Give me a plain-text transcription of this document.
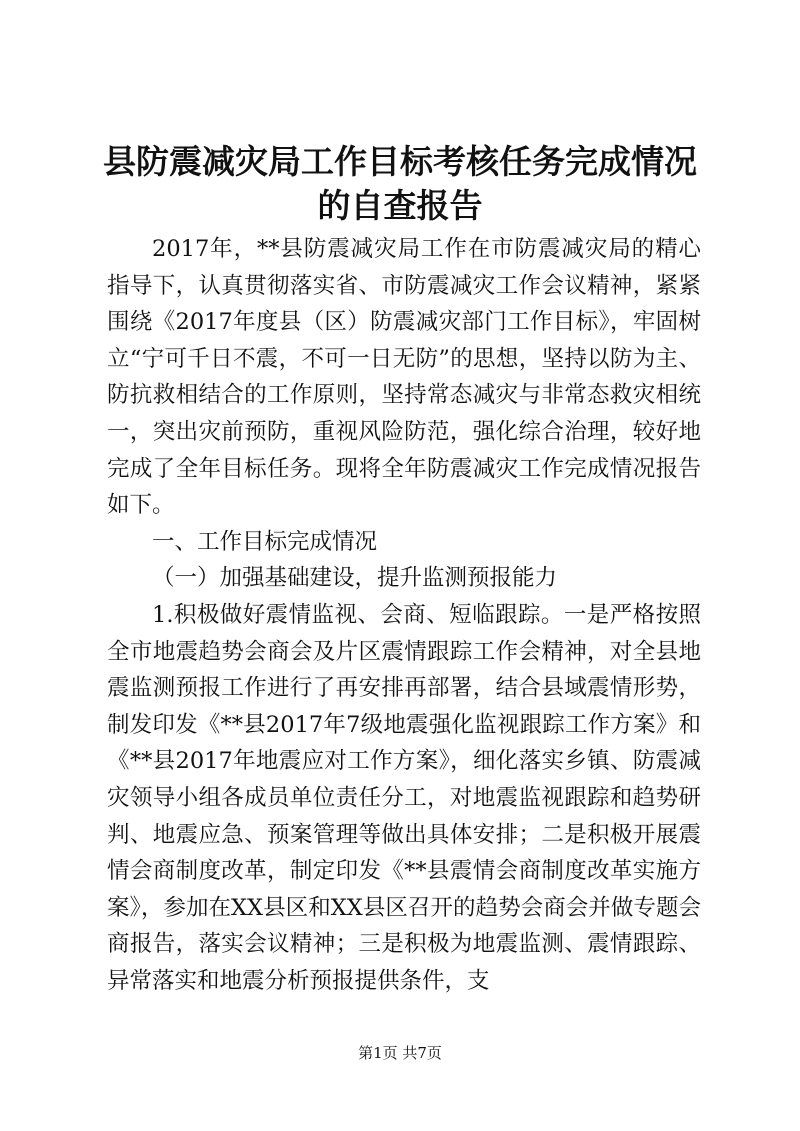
县防震减灾局工作目标考核任务完成情况的自查报告
2017年，**县防震减灾局工作在市防震减灾局的精心指导下，认真贯彻落实省、市防震减灾工作会议精神，紧紧围绕《2017年度县（区）防震减灾部门工作目标》，牢固树立“宁可千日不震，不可一日无防”的思想，坚持以防为主、防抗救相结合的工作原则，坚持常态减灾与非常态救灾相统一，突出灾前预防，重视风险防范，强化综合治理，较好地完成了全年目标任务。现将全年防震减灾工作完成情况报告如下。
一、工作目标完成情况
（一）加强基础建设，提升监测预报能力
1.积极做好震情监视、会商、短临跟踪。一是严格按照全市地震趋势会商会及片区震情跟踪工作会精神，对全县地震监测预报工作进行了再安排再部署，结合县域震情形势，制发印发《**县2017年7级地震强化监视跟踪工作方案》和《**县2017年地震应对工作方案》，细化落实乡镇、防震减灾领导小组各成员单位责任分工，对地震监视跟踪和趋势研判、地震应急、预案管理等做出具体安排；二是积极开展震情会商制度改革，制定印发《**县震情会商制度改革实施方案》，参加在XX县区和XX县区召开的趋势会商会并做专题会商报告，落实会议精神；三是积极为地震监测、震情跟踪、异常落实和地震分析预报提供条件，支
第1页 共7页
